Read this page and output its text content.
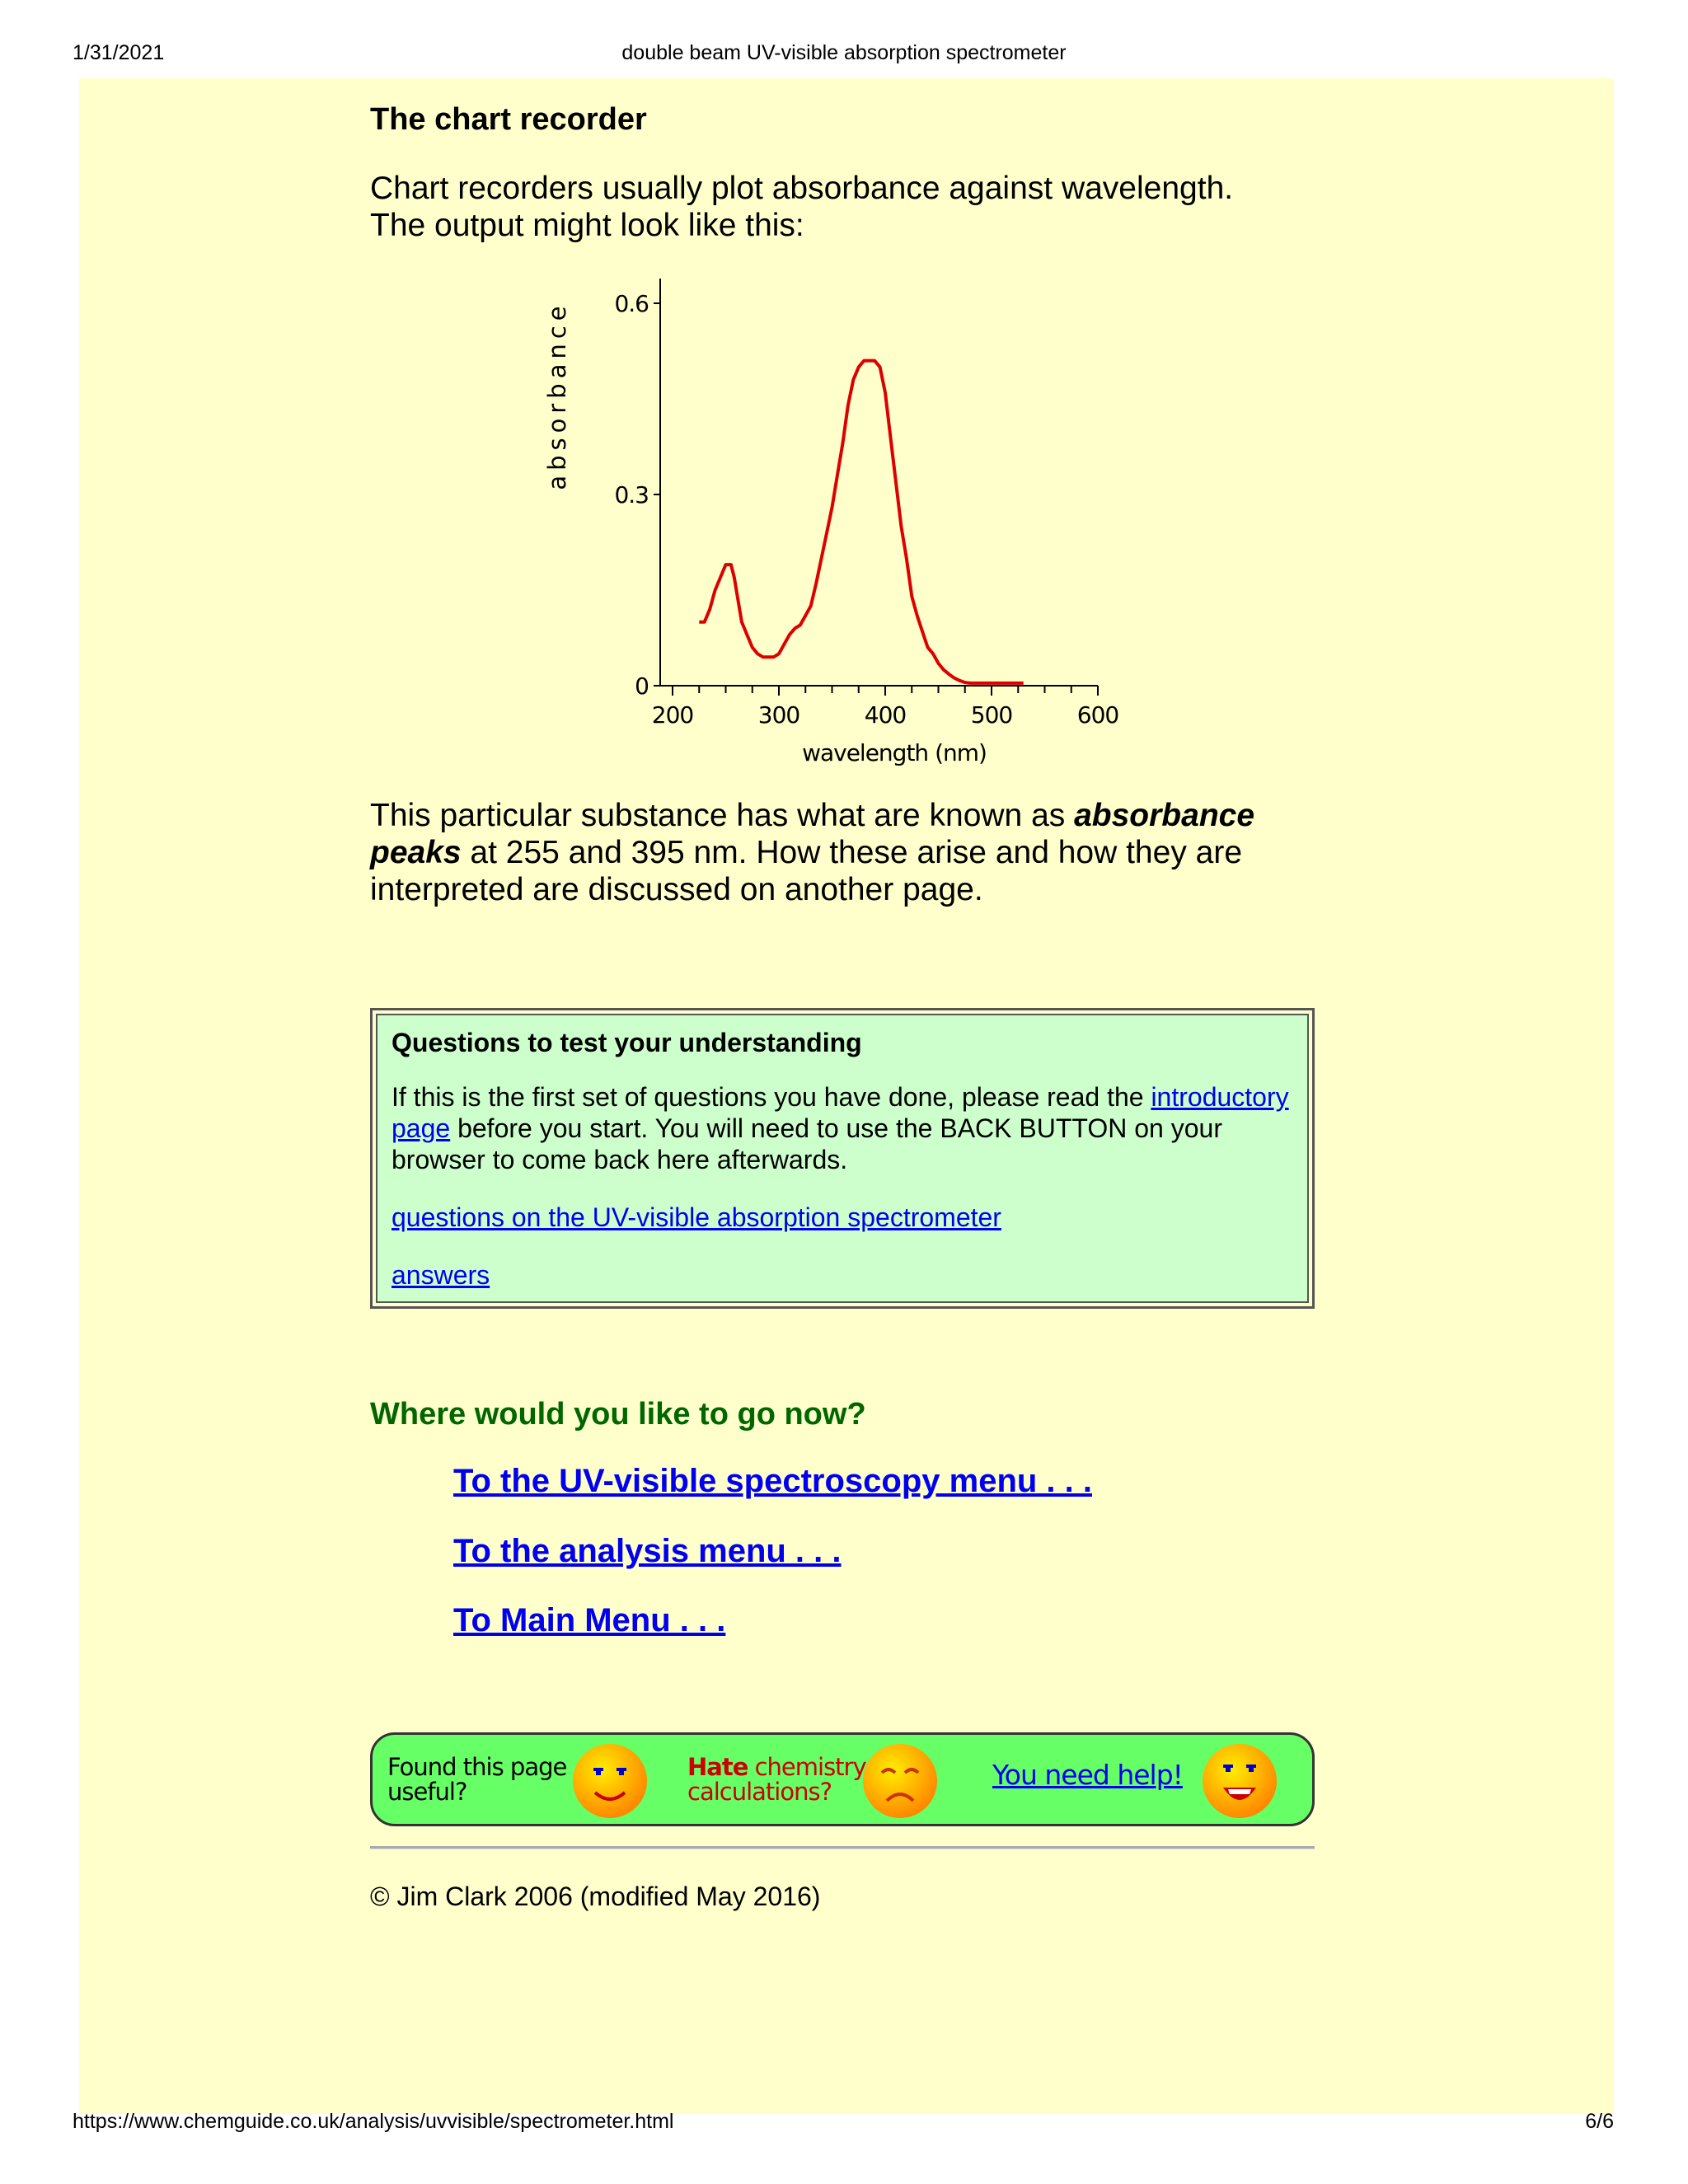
1/31/2021	double beam UV-visible absorption spectrometer
The chart recorder

Chart recorders usually plot absorbance against wavelength.
The output might look like this:

This particular substance has what are known as absorbance peaks at 255 and 395 nm. How these arise and how they are interpreted are discussed on another page.

absorbance
wavelength (nm)
200	300	400	500	600
0
0.3
0.6

Questions to test your understanding

If this is the first set of questions you have done, please read the introductory page before you start. You will need to use the BACK BUTTON on your browser to come back here afterwards.

questions on the UV-visible absorption spectrometer

answers

Where would you like to go now?
To the UV-visible spectroscopy menu . . .
To the analysis menu . . .
To Main Menu . . .
Found this page
useful?
Hate chemistry
calculations?
You need help!

© Jim Clark 2006 (modified May 2016)

https://www.chemguide.co.uk/analysis/uvvisible/spectrometer.html	6/6
